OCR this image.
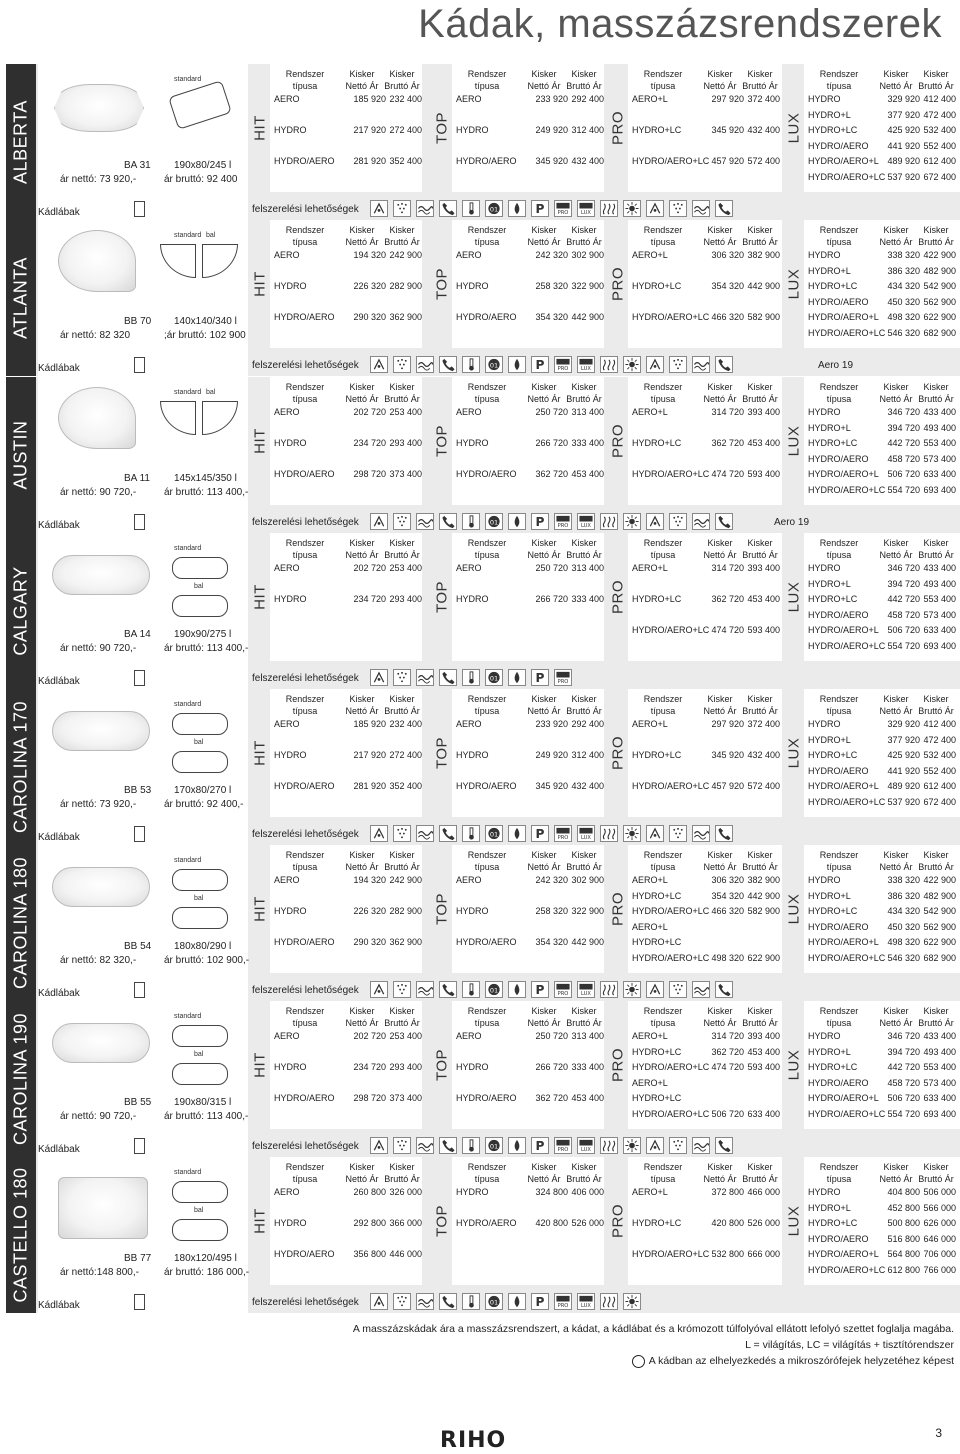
Kádak, masszázsrendszerek
ALBERTA
standard
BA 31 190x80/245 l
ár nettó: 73 920,-	ár bruttó: 92 400
Kádlábak
HIT
Rendszer
típusa
Kisker
Nettó Ár
Kisker
Bruttó Ár
AERO	185 920 232 400
HYDRO	217 920 272 400
HYDRO/AERO	281 920 352 400
TOP
Rendszer
típusa
Kisker
Nettó Ár
Kisker
Bruttó Ár
AERO	233 920 292 400
HYDRO	249 920 312 400
HYDRO/AERO	345 920 432 400
PRO
Rendszer
típusa
Kisker
Nettó Ár
Kisker
Bruttó Ár
AERO+L	297 920 372 400
HYDRO+LC	345 920 432 400
HYDRO/AERO+LC 457 920 572 400
LUX
Rendszer
típusa
Kisker
Nettó Ár
Kisker
Bruttó Ár
HYDRO	329 920 412 400
HYDRO+L	377 920 472 400
HYDRO+LC	425 920 532 400
HYDRO/AERO	441 920 552 400
HYDRO/AERO+L 489 920 612 400
HYDRO/AERO+LC 537 920 672 400
felszerelési lehetőségek	01	P PRO LUX
ATLANTA
standard bal
BB 70 140x140/340 l
ár nettó: 82 320	;ár bruttó: 102 900
Kádlábak
HIT
Rendszer
típusa
Kisker
Nettó Ár
Kisker
Bruttó Ár
AERO	194 320 242 900
HYDRO	226 320 282 900
HYDRO/AERO	290 320 362 900
TOP
Rendszer
típusa
Kisker
Nettó Ár
Kisker
Bruttó Ár
AERO	242 320 302 900
HYDRO	258 320 322 900
HYDRO/AERO	354 320 442 900
PRO
Rendszer
típusa
Kisker
Nettó Ár
Kisker
Bruttó Ár
AERO+L	306 320 382 900
HYDRO+LC	354 320 442 900
HYDRO/AERO+LC 466 320 582 900
LUX
Rendszer
típusa
Kisker
Nettó Ár
Kisker
Bruttó Ár
HYDRO	338 320 422 900
HYDRO+L	386 320 482 900
HYDRO+LC	434 320 542 900
HYDRO/AERO	450 320 562 900
HYDRO/AERO+L 498 320 622 900
HYDRO/AERO+LC 546 320 682 900
felszerelési lehetőségek	01	P PRO LUX	Aero 19
AUSTIN
standard bal
BA 11 145x145/350 l
ár nettó: 90 720,-	ár bruttó: 113 400,-
Kádlábak
HIT
Rendszer
típusa
Kisker
Nettó Ár
Kisker
Bruttó Ár
AERO	202 720 253 400
HYDRO	234 720 293 400
HYDRO/AERO	298 720 373 400
TOP
Rendszer
típusa
Kisker
Nettó Ár
Kisker
Bruttó Ár
AERO	250 720 313 400
HYDRO	266 720 333 400
HYDRO/AERO	362 720 453 400
PRO
Rendszer
típusa
Kisker
Nettó Ár
Kisker
Bruttó Ár
AERO+L	314 720 393 400
HYDRO+LC	362 720 453 400
HYDRO/AERO+LC 474 720 593 400
LUX
Rendszer
típusa
Kisker
Nettó Ár
Kisker
Bruttó Ár
HYDRO	346 720 433 400
HYDRO+L	394 720 493 400
HYDRO+LC	442 720 553 400
HYDRO/AERO	458 720 573 400
HYDRO/AERO+L 506 720 633 400
HYDRO/AERO+LC 554 720 693 400
felszerelési lehetőségek	01	P PRO LUX	Aero 19
CALGARY
standard
bal
BA 14 190x90/275 l
ár nettó: 90 720,-	ár bruttó: 113 400,-
Kádlábak
HIT
Rendszer
típusa
Kisker
Nettó Ár
Kisker
Bruttó Ár
AERO	202 720 253 400
HYDRO	234 720 293 400 TOP
Rendszer
típusa
Kisker
Nettó Ár
Kisker
Bruttó Ár
AERO	250 720 313 400
HYDRO	266 720 333 400 PRO
Rendszer
típusa
Kisker
Nettó Ár
Kisker
Bruttó Ár
AERO+L	314 720 393 400
HYDRO+LC	362 720 453 400
HYDRO/AERO+LC 474 720 593 400
LUX
Rendszer
típusa
Kisker
Nettó Ár
Kisker
Bruttó Ár
HYDRO	346 720 433 400
HYDRO+L	394 720 493 400
HYDRO+LC	442 720 553 400
HYDRO/AERO	458 720 573 400
HYDRO/AERO+L 506 720 633 400
HYDRO/AERO+LC 554 720 693 400
felszerelési lehetőségek	01	P PRO
CAROLINA 170	standard
bal
BB 53 170x80/270 l
ár nettó: 73 920,-	ár bruttó: 92 400,-
Kádlábak
HIT
Rendszer
típusa
Kisker
Nettó Ár
Kisker
Bruttó Ár
AERO	185 920 232 400
HYDRO	217 920 272 400
HYDRO/AERO	281 920 352 400
TOP
Rendszer
típusa
Kisker
Nettó Ár
Kisker
Bruttó Ár
AERO	233 920 292 400
HYDRO	249 920 312 400
HYDRO/AERO	345 920 432 400
PRO
Rendszer
típusa
Kisker
Nettó Ár
Kisker
Bruttó Ár
AERO+L	297 920 372 400
HYDRO+LC	345 920 432 400
HYDRO/AERO+LC 457 920 572 400
LUX
Rendszer
típusa
Kisker
Nettó Ár
Kisker
Bruttó Ár
HYDRO	329 920 412 400
HYDRO+L	377 920 472 400
HYDRO+LC	425 920 532 400
HYDRO/AERO	441 920 552 400
HYDRO/AERO+L 489 920 612 400
HYDRO/AERO+LC 537 920 672 400
felszerelési lehetőségek	01	P PRO LUX
CAROLINA 180	standard
bal
BB 54 180x80/290 l
ár nettó: 82 320,-	ár bruttó: 102 900,-
Kádlábak
HIT
Rendszer
típusa
Kisker
Nettó Ár
Kisker
Bruttó Ár
AERO	194 320 242 900
HYDRO	226 320 282 900
HYDRO/AERO	290 320 362 900
TOP
Rendszer
típusa
Kisker
Nettó Ár
Kisker
Bruttó Ár
AERO	242 320 302 900
HYDRO	258 320 322 900
HYDRO/AERO	354 320 442 900
PRO
Rendszer
típusa
Kisker
Nettó Ár
Kisker
Bruttó Ár
AERO+L	306 320 382 900
HYDRO+LC	354 320 442 900
HYDRO/AERO+LC 466 320 582 900
AERO+L
HYDRO+LC
HYDRO/AERO+LC 498 320 622 900
LUX
Rendszer
típusa
Kisker
Nettó Ár
Kisker
Bruttó Ár
HYDRO	338 320 422 900
HYDRO+L	386 320 482 900
HYDRO+LC	434 320 542 900
HYDRO/AERO	450 320 562 900
HYDRO/AERO+L 498 320 622 900
HYDRO/AERO+LC 546 320 682 900
felszerelési lehetőségek	01	P PRO LUX
CAROLINA 190	standard
bal
BB 55 190x80/315 l
ár nettó: 90 720,-	ár bruttó: 113 400,-
Kádlábak
HIT
Rendszer
típusa
Kisker
Nettó Ár
Kisker
Bruttó Ár
AERO	202 720 253 400
HYDRO	234 720 293 400
HYDRO/AERO	298 720 373 400
TOP
Rendszer
típusa
Kisker
Nettó Ár
Kisker
Bruttó Ár
AERO	250 720 313 400
HYDRO	266 720 333 400
HYDRO/AERO	362 720 453 400
PRO
Rendszer
típusa
Kisker
Nettó Ár
Kisker
Bruttó Ár
AERO+L	314 720 393 400
HYDRO+LC	362 720 453 400
HYDRO/AERO+LC 474 720 593 400
AERO+L
HYDRO+LC
HYDRO/AERO+LC 506 720 633 400
LUX
Rendszer
típusa
Kisker
Nettó Ár
Kisker
Bruttó Ár
HYDRO	346 720 433 400
HYDRO+L	394 720 493 400
HYDRO+LC	442 720 553 400
HYDRO/AERO	458 720 573 400
HYDRO/AERO+L 506 720 633 400
HYDRO/AERO+LC 554 720 693 400
felszerelési lehetőségek	01	P PRO LUX
CASTELLO 180	standard
bal
BB 77 180x120/495 l
ár nettó:148 800,-	ár bruttó: 186 000,-
Kádlábak
HIT
Rendszer
típusa
Kisker
Nettó Ár
Kisker
Bruttó Ár
AERO	260 800 326 000
HYDRO	292 800 366 000
HYDRO/AERO	356 800 446 000
TOP
Rendszer
típusa
Kisker
Nettó Ár
Kisker
Bruttó Ár
HYDRO	324 800 406 000
HYDRO/AERO	420 800 526 000 PRO
Rendszer
típusa
Kisker
Nettó Ár
Kisker
Bruttó Ár
AERO+L	372 800 466 000
HYDRO+LC	420 800 526 000
HYDRO/AERO+LC 532 800 666 000
LUX
Rendszer
típusa
Kisker
Nettó Ár
Kisker
Bruttó Ár
HYDRO	404 800 506 000
HYDRO+L	452 800 566 000
HYDRO+LC	500 800 626 000
HYDRO/AERO	516 800 646 000
HYDRO/AERO+L 564 800 706 000
HYDRO/AERO+LC 612 800 766 000
felszerelési lehetőségek	01	P PRO LUX
A masszázskádak ára a masszázsrendszert, a kádat, a kádlábat és a krómozott túlfolyóval ellátott lefolyó szettet foglalja magába.
L = világítás, LC = világítás + tisztítórendszer
A kádban az elhelyezkedés a mikroszórófejek helyzetéhez képest
RIHO	3
